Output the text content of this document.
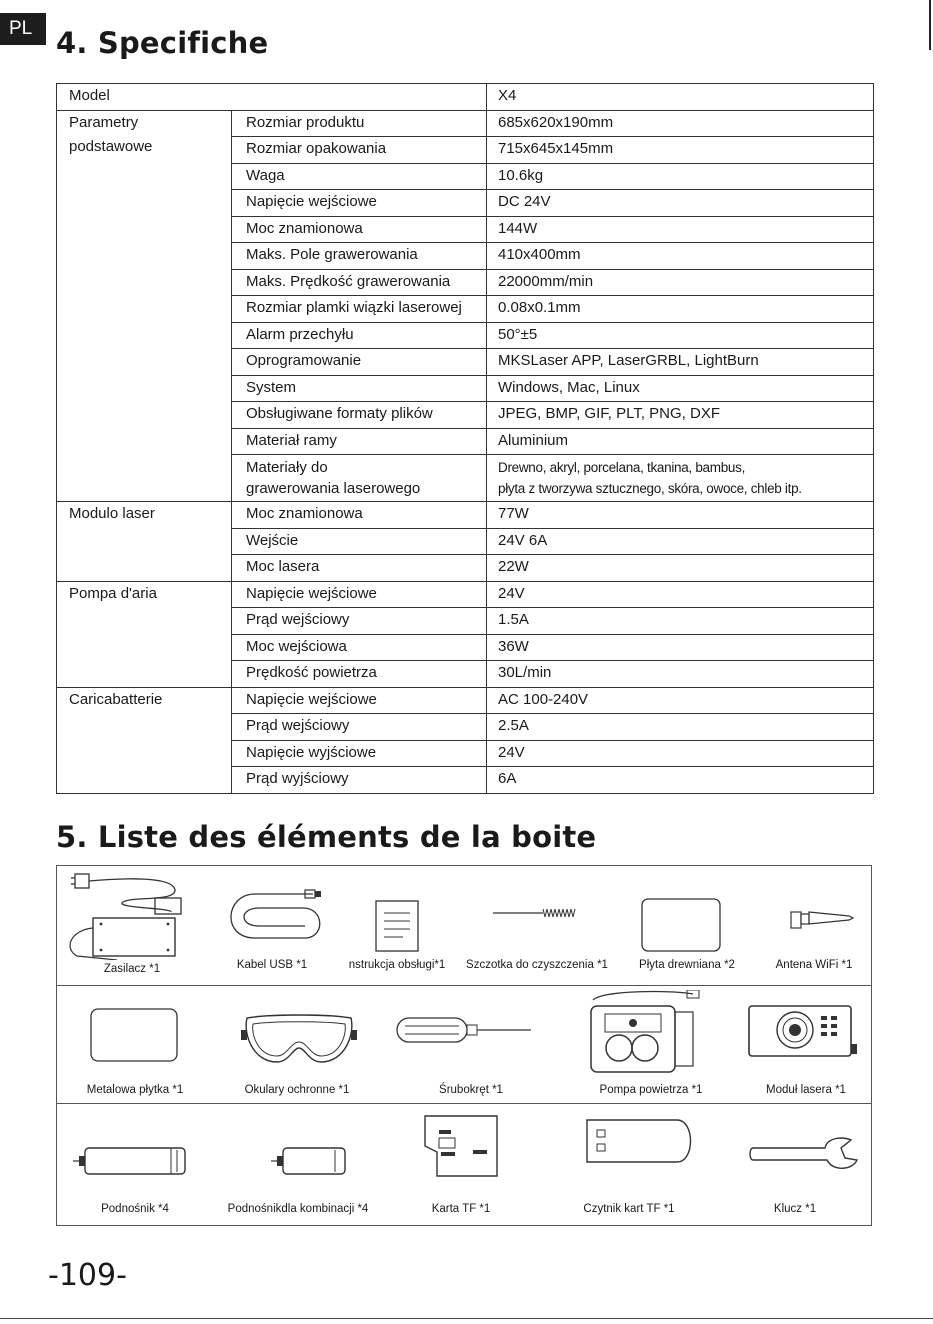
PL 4. Specifiche
Model		X4
Parametry
podstawowe	Rozmiar produktu	685x620x190mm
	Rozmiar opakowania	715x645x145mm
	Waga	10.6kg
	Napięcie wejściowe	DC 24V
	Moc znamionowa	144W
	Maks. Pole grawerowania	410x400mm
	Maks. Prędkość grawerowania	22000mm/min
	Rozmiar plamki wiązki laserowej	0.08x0.1mm
	Alarm przechyłu	50°±5
	Oprogramowanie	MKSLaser APP, LaserGRBL, LightBurn
	System	Windows, Mac, Linux
	Obsługiwane formaty plików	JPEG, BMP, GIF, PLT, PNG, DXF
	Materiał ramy	Aluminium
	Materiały do
grawerowania laserowego	Drewno, akryl, porcelana, tkanina, bambus,
płyta z tworzywa sztucznego, skóra, owoce, chleb itp.
Modulo laser	Moc znamionowa	77W
	Wejście	24V 6A
	Moc lasera	22W
Pompa d'aria	Napięcie wejściowe	24V
	Prąd wejściowy	1.5A
	Moc wejściowa	36W
	Prędkość powietrza	30L/min
Caricabatterie	Napięcie wejściowe	AC 100-240V
	Prąd wejściowy	2.5A
	Napięcie wyjściowe	24V
	Prąd wyjściowy	6A
5. Liste des éléments de la boite
Zasilacz *1	Kabel USB *1	nstrukcja obsługi*1	Szczotka do czyszczenia *1	Płyta drewniana *2	Antena WiFi *1
Metalowa płytka *1	Okulary ochronne *1	Śrubokręt *1	Pompa powietrza *1	Moduł lasera *1
Podnośnik *4	Podnośnikdla kombinacji *4	Karta TF *1	Czytnik kart TF *1	Klucz *1
-109-
